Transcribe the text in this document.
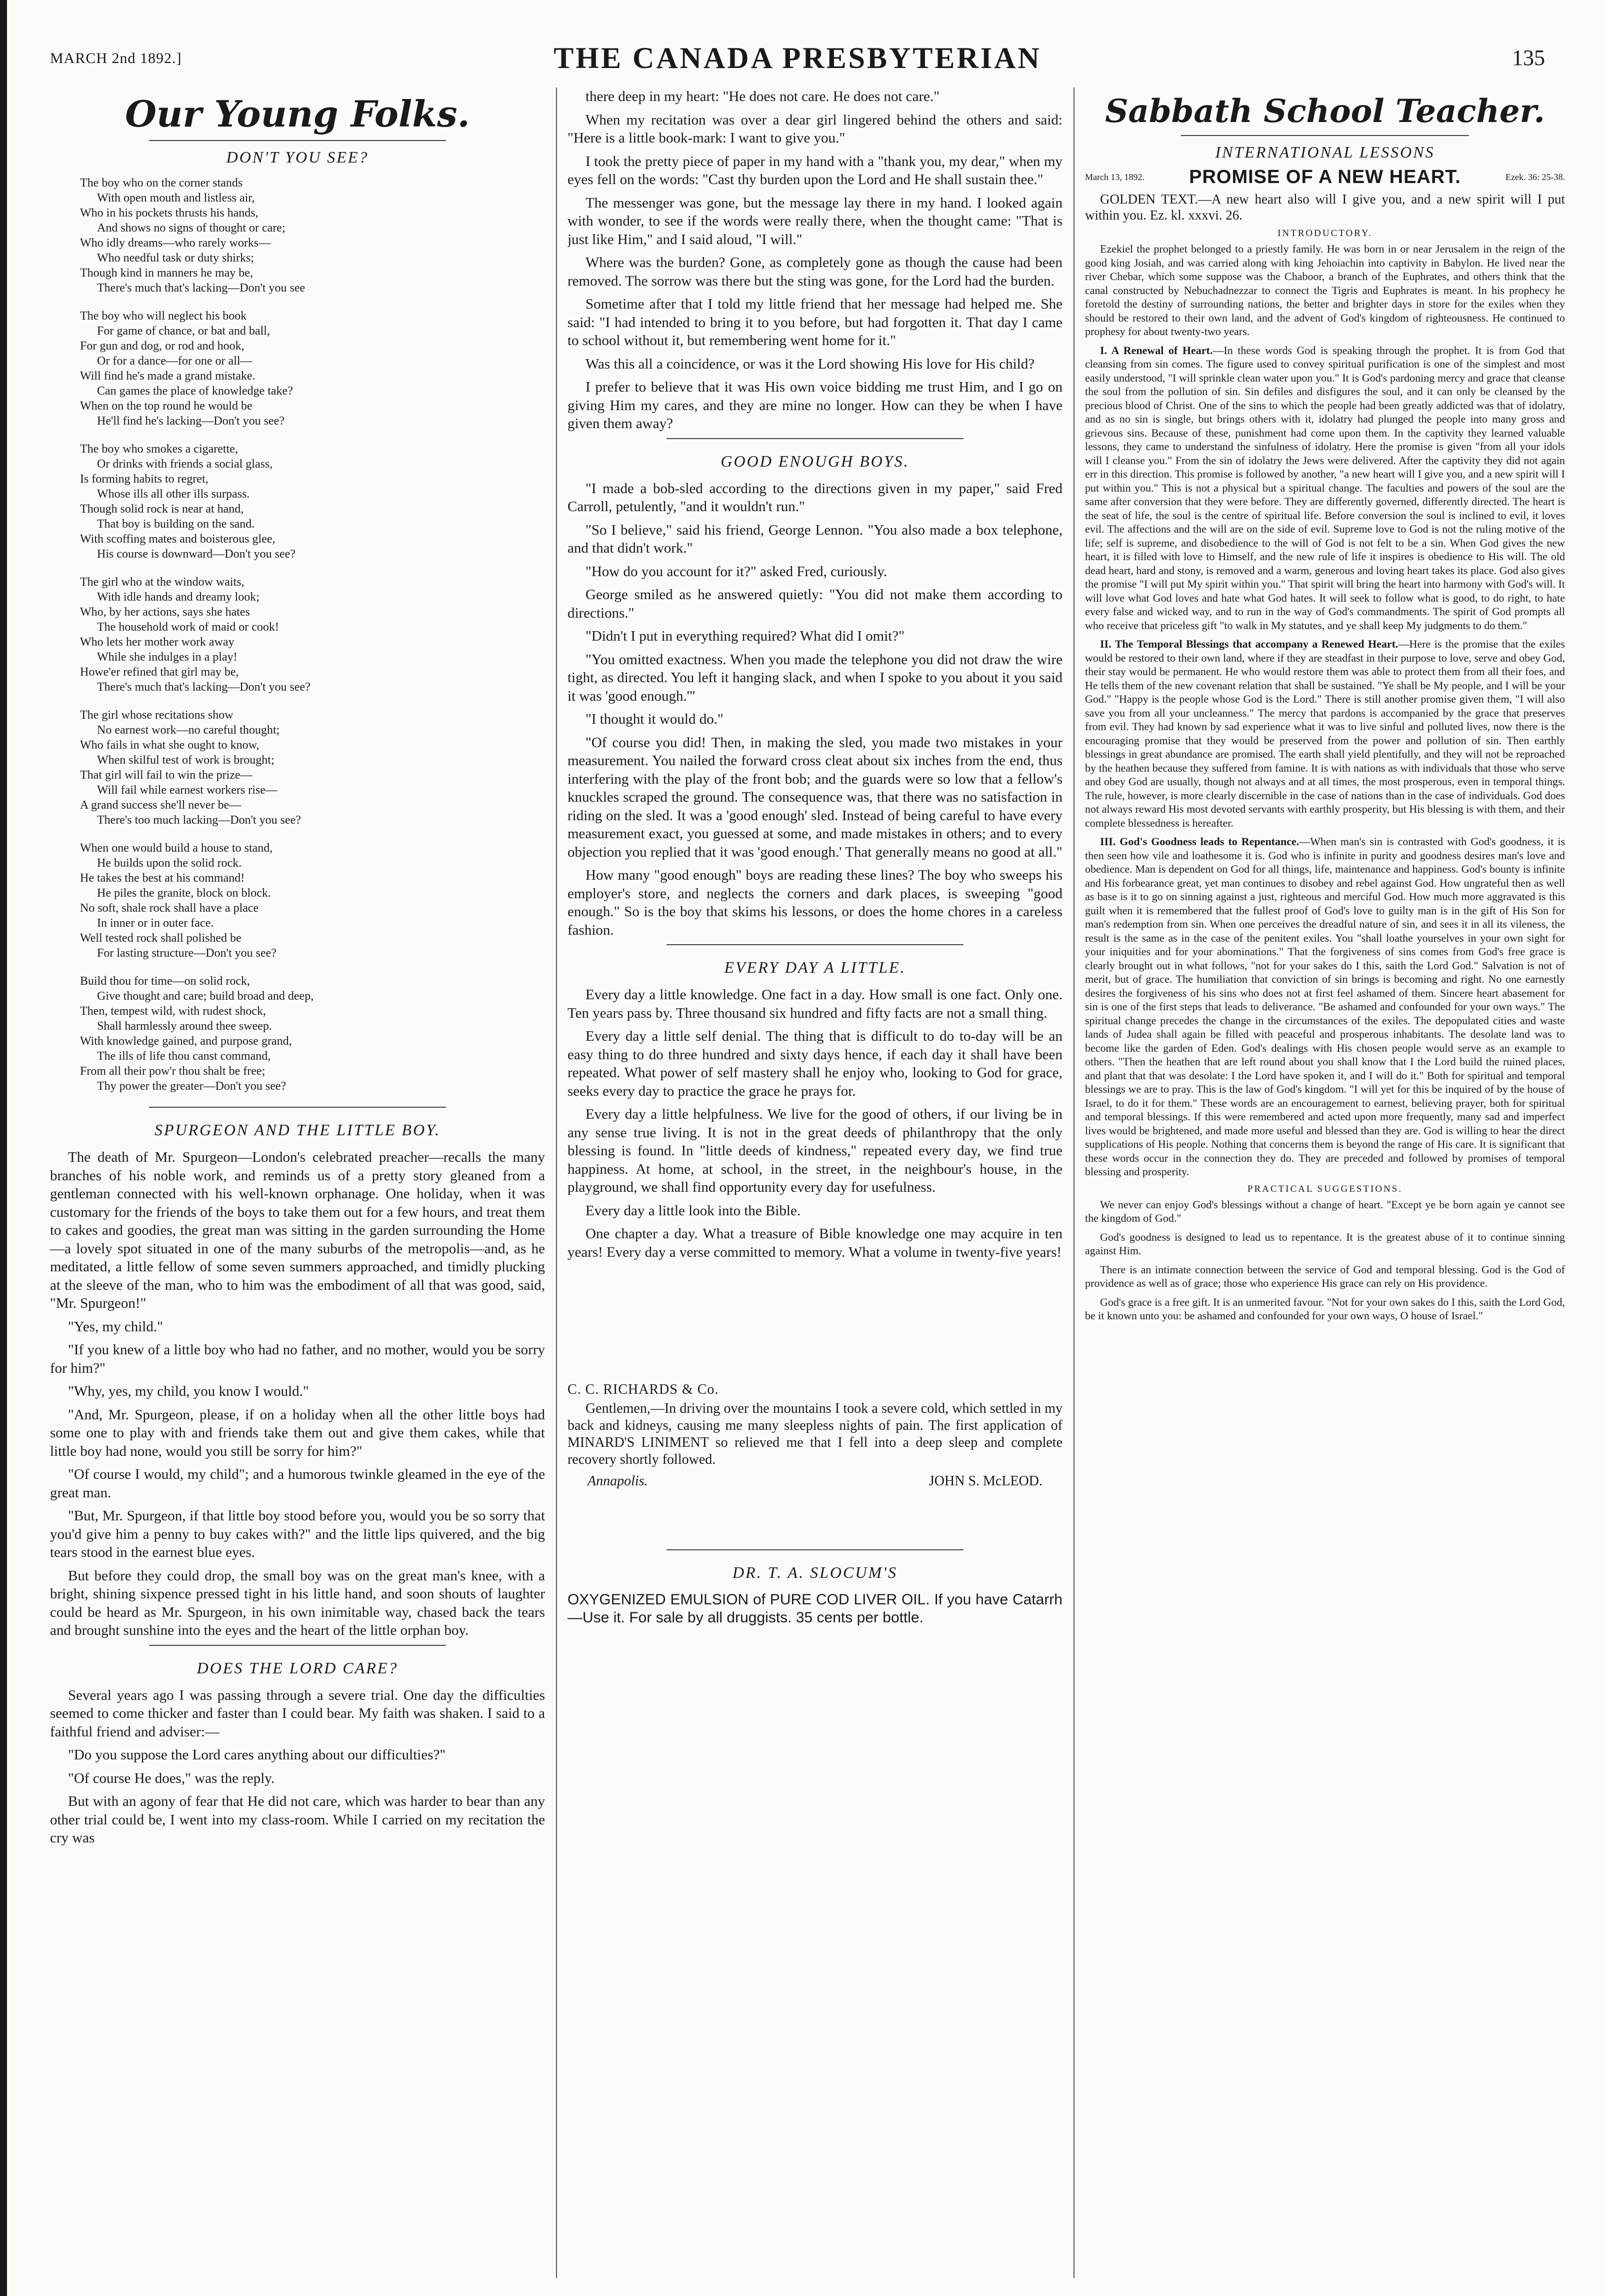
MARCH 2nd 1892.]	THE CANADA PRESBYTERIAN	135
Our Young Folks.
DON'T YOU SEE?
The boy who on the corner stands
With open mouth and listless air,
Who in his pockets thrusts his hands,
And shows no signs of thought or care;
Who idly dreams—who rarely works—
Who needful task or duty shirks;
Though kind in manners he may be,
There's much that's lacking—Don't you see
The boy who will neglect his book
For game of chance, or bat and ball,
For gun and dog, or rod and hook,
Or for a dance—for one or all—
Will find he's made a grand mistake.
Can games the place of knowledge take?
When on the top round he would be
He'll find he's lacking—Don't you see?
The boy who smokes a cigarette,
Or drinks with friends a social glass,
Is forming habits to regret,
Whose ills all other ills surpass.
Though solid rock is near at hand,
That boy is building on the sand.
With scoffing mates and boisterous glee,
His course is downward—Don't you see?
The girl who at the window waits,
With idle hands and dreamy look;
Who, by her actions, says she hates
The household work of maid or cook!
Who lets her mother work away
While she indulges in a play!
Howe'er refined that girl may be,
There's much that's lacking—Don't you see?
The girl whose recitations show
No earnest work—no careful thought;
Who fails in what she ought to know,
When skilful test of work is brought;
That girl will fail to win the prize—
Will fail while earnest workers rise—
A grand success she'll never be—
There's too much lacking—Don't you see?
When one would build a house to stand,
He builds upon the solid rock.
He takes the best at his command!
He piles the granite, block on block.
No soft, shale rock shall have a place
In inner or in outer face.
Well tested rock shall polished be
For lasting structure—Don't you see?
Build thou for time—on solid rock,
Give thought and care; build broad and deep,
Then, tempest wild, with rudest shock,
Shall harmlessly around thee sweep.
With knowledge gained, and purpose grand,
The ills of life thou canst command,
From all their pow'r thou shalt be free;
Thy power the greater—Don't you see?
SPURGEON AND THE LITTLE BOY.

The death of Mr. Spurgeon—London's celebrated preacher—recalls the many branches of his noble work, and reminds us of a pretty story gleaned from a gentleman connected with his well-known orphanage. One holiday, when it was customary for the friends of the boys to take them out for a few hours, and treat them to cakes and goodies, the great man was sitting in the garden surrounding the Home—a lovely spot situated in one of the many suburbs of the metropolis—and, as he meditated, a little fellow of some seven summers approached, and timidly plucking at the sleeve of the man, who to him was the embodiment of all that was good, said, "Mr. Spurgeon!"

"Yes, my child."

"If you knew of a little boy who had no father, and no mother, would you be sorry for him?"

"Why, yes, my child, you know I would."

"And, Mr. Spurgeon, please, if on a holiday when all the other little boys had some one to play with and friends take them out and give them cakes, while that little boy had none, would you still be sorry for him?"

"Of course I would, my child"; and a humorous twinkle gleamed in the eye of the great man.

"But, Mr. Spurgeon, if that little boy stood before you, would you be so sorry that you'd give him a penny to buy cakes with?" and the little lips quivered, and the big tears stood in the earnest blue eyes.

But before they could drop, the small boy was on the great man's knee, with a bright, shining sixpence pressed tight in his little hand, and soon shouts of laughter could be heard as Mr. Spurgeon, in his own inimitable way, chased back the tears and brought sunshine into the eyes and the heart of the little orphan boy.

DOES THE LORD CARE?

Several years ago I was passing through a severe trial. One day the difficulties seemed to come thicker and faster than I could bear. My faith was shaken. I said to a faithful friend and adviser:—

"Do you suppose the Lord cares anything about our difficulties?"

"Of course He does," was the reply.

But with an agony of fear that He did not care, which was harder to bear than any other trial could be, I went into my class-room. While I carried on my recitation the cry was

there deep in my heart: "He does not care. He does not care."

When my recitation was over a dear girl lingered behind the others and said: "Here is a little book-mark: I want to give you."

I took the pretty piece of paper in my hand with a "thank you, my dear," when my eyes fell on the words: "Cast thy burden upon the Lord and He shall sustain thee."

The messenger was gone, but the message lay there in my hand. I looked again with wonder, to see if the words were really there, when the thought came: "That is just like Him," and I said aloud, "I will."

Where was the burden? Gone, as completely gone as though the cause had been removed. The sorrow was there but the sting was gone, for the Lord had the burden.

Sometime after that I told my little friend that her message had helped me. She said: "I had intended to bring it to you before, but had forgotten it. That day I came to school without it, but remembering went home for it."

Was this all a coincidence, or was it the Lord showing His love for His child?

I prefer to believe that it was His own voice bidding me trust Him, and I go on giving Him my cares, and they are mine no longer. How can they be when I have given them away?

GOOD ENOUGH BOYS.

"I made a bob-sled according to the directions given in my paper," said Fred Carroll, petulently, "and it wouldn't run."

"So I believe," said his friend, George Lennon. "You also made a box telephone, and that didn't work."

"How do you account for it?" asked Fred, curiously.

George smiled as he answered quietly: "You did not make them according to directions."

"Didn't I put in everything required? What did I omit?"

"You omitted exactness. When you made the telephone you did not draw the wire tight, as directed. You left it hanging slack, and when I spoke to you about it you said it was 'good enough.'"

"I thought it would do."

"Of course you did! Then, in making the sled, you made two mistakes in your measurement. You nailed the forward cross cleat about six inches from the end, thus interfering with the play of the front bob; and the guards were so low that a fellow's knuckles scraped the ground. The consequence was, that there was no satisfaction in riding on the sled. It was a 'good enough' sled. Instead of being careful to have every measurement exact, you guessed at some, and made mistakes in others; and to every objection you replied that it was 'good enough.' That generally means no good at all."

How many "good enough" boys are reading these lines? The boy who sweeps his employer's store, and neglects the corners and dark places, is sweeping "good enough." So is the boy that skims his lessons, or does the home chores in a careless fashion.

EVERY DAY A LITTLE.

Every day a little knowledge. One fact in a day. How small is one fact. Only one. Ten years pass by. Three thousand six hundred and fifty facts are not a small thing.

Every day a little self denial. The thing that is difficult to do to-day will be an easy thing to do three hundred and sixty days hence, if each day it shall have been repeated. What power of self mastery shall he enjoy who, looking to God for grace, seeks every day to practice the grace he prays for.

Every day a little helpfulness. We live for the good of others, if our living be in any sense true living. It is not in the great deeds of philanthropy that the only blessing is found. In "little deeds of kindness," repeated every day, we find true happiness. At home, at school, in the street, in the neighbour's house, in the playground, we shall find opportunity every day for usefulness.

Every day a little look into the Bible.

One chapter a day. What a treasure of Bible knowledge one may acquire in ten years! Every day a verse committed to memory. What a volume in twenty-five years!

C. C. RICHARDS & Co.

Gentlemen,—In driving over the mountains I took a severe cold, which settled in my back and kidneys, causing me many sleepless nights of pain. The first application of MINARD'S LINIMENT so relieved me that I fell into a deep sleep and complete recovery shortly followed.

Annapolis.	JOHN S. McLEOD.
DR. T. A. SLOCUM'S

OXYGENIZED EMULSION of PURE COD LIVER OIL. If you have Catarrh—Use it. For sale by all druggists. 35 cents per bottle.

Sabbath School Teacher.
INTERNATIONAL LESSONS
March 13, 1892. PROMISE OF A NEW HEART.	Ezek. 36: 25-38.

GOLDEN TEXT.—A new heart also will I give you, and a new spirit will I put within you. Ez. kl. xxxvi. 26.

INTRODUCTORY.

Ezekiel the prophet belonged to a priestly family. He was born in or near Jerusalem in the reign of the good king Josiah, and was carried along with king Jehoiachin into captivity in Babylon. He lived near the river Chebar, which some suppose was the Chaboor, a branch of the Euphrates, and others think that the canal constructed by Nebuchadnezzar to connect the Tigris and Euphrates is meant. In his prophecy he foretold the destiny of surrounding nations, the better and brighter days in store for the exiles when they should be restored to their own land, and the advent of God's kingdom of righteousness. He continued to prophesy for about twenty-two years.

I. A Renewal of Heart.—In these words God is speaking through the prophet. It is from God that cleansing from sin comes. The figure used to convey spiritual purification is one of the simplest and most easily understood, "I will sprinkle clean water upon you." It is God's pardoning mercy and grace that cleanse the soul from the pollution of sin. Sin defiles and disfigures the soul, and it can only be cleansed by the precious blood of Christ. One of the sins to which the people had been greatly addicted was that of idolatry, and as no sin is single, but brings others with it, idolatry had plunged the people into many gross and grievous sins. Because of these, punishment had come upon them. In the captivity they learned valuable lessons, they came to understand the sinfulness of idolatry. Here the promise is given "from all your idols will I cleanse you." From the sin of idolatry the Jews were delivered. After the captivity they did not again err in this direction. This promise is followed by another, "a new heart will I give you, and a new spirit will I put within you." This is not a physical but a spiritual change. The faculties and powers of the soul are the same after conversion that they were before. They are differently governed, differently directed. The heart is the seat of life, the soul is the centre of spiritual life. Before conversion the soul is inclined to evil, it loves evil. The affections and the will are on the side of evil. Supreme love to God is not the ruling motive of the life; self is supreme, and disobedience to the will of God is not felt to be a sin. When God gives the new heart, it is filled with love to Himself, and the new rule of life it inspires is obedience to His will. The old dead heart, hard and stony, is removed and a warm, generous and loving heart takes its place. God also gives the promise "I will put My spirit within you." That spirit will bring the heart into harmony with God's will. It will love what God loves and hate what God hates. It will seek to follow what is good, to do right, to hate every false and wicked way, and to run in the way of God's commandments. The spirit of God prompts all who receive that priceless gift "to walk in My statutes, and ye shall keep My judgments to do them."

II. The Temporal Blessings that accompany a Renewed Heart.—Here is the promise that the exiles would be restored to their own land, where if they are steadfast in their purpose to love, serve and obey God, their stay would be permanent. He who would restore them was able to protect them from all their foes, and He tells them of the new covenant relation that shall be sustained. "Ye shall be My people, and I will be your God." "Happy is the people whose God is the Lord." There is still another promise given them, "I will also save you from all your uncleanness." The mercy that pardons is accompanied by the grace that preserves from evil. They had known by sad experience what it was to live sinful and polluted lives, now there is the encouraging promise that they would be preserved from the power and pollution of sin. Then earthly blessings in great abundance are promised. The earth shall yield plentifully, and they will not be reproached by the heathen because they suffered from famine. It is with nations as with individuals that those who serve and obey God are usually, though not always and at all times, the most prosperous, even in temporal things. The rule, however, is more clearly discernible in the case of nations than in the case of individuals. God does not always reward His most devoted servants with earthly prosperity, but His blessing is with them, and their complete blessedness is hereafter.

III. God's Goodness leads to Repentance.—When man's sin is contrasted with God's goodness, it is then seen how vile and loathesome it is. God who is infinite in purity and goodness desires man's love and obedience. Man is dependent on God for all things, life, maintenance and happiness. God's bounty is infinite and His forbearance great, yet man continues to disobey and rebel against God. How ungrateful then as well as base is it to go on sinning against a just, righteous and merciful God. How much more aggravated is this guilt when it is remembered that the fullest proof of God's love to guilty man is in the gift of His Son for man's redemption from sin. When one perceives the dreadful nature of sin, and sees it in all its vileness, the result is the same as in the case of the penitent exiles. You "shall loathe yourselves in your own sight for your iniquities and for your abominations." That the forgiveness of sins comes from God's free grace is clearly brought out in what follows, "not for your sakes do I this, saith the Lord God." Salvation is not of merit, but of grace. The humiliation that conviction of sin brings is becoming and right. No one earnestly desires the forgiveness of his sins who does not at first feel ashamed of them. Sincere heart abasement for sin is one of the first steps that leads to deliverance. "Be ashamed and confounded for your own ways." The spiritual change precedes the change in the circumstances of the exiles. The depopulated cities and waste lands of Judea shall again be filled with peaceful and prosperous inhabitants. The desolate land was to become like the garden of Eden. God's dealings with His chosen people would serve as an example to others. "Then the heathen that are left round about you shall know that I the Lord build the ruined places, and plant that that was desolate: I the Lord have spoken it, and I will do it." Both for spiritual and temporal blessings we are to pray. This is the law of God's kingdom. "I will yet for this be inquired of by the house of Israel, to do it for them." These words are an encouragement to earnest, believing prayer, both for spiritual and temporal blessings. If this were remembered and acted upon more frequently, many sad and imperfect lives would be brightened, and made more useful and blessed than they are. God is willing to hear the direct supplications of His people. Nothing that concerns them is beyond the range of His care. It is significant that these words occur in the connection they do. They are preceded and followed by promises of temporal blessing and prosperity.

PRACTICAL SUGGESTIONS.

We never can enjoy God's blessings without a change of heart. "Except ye be born again ye cannot see the kingdom of God."

God's goodness is designed to lead us to repentance. It is the greatest abuse of it to continue sinning against Him.

There is an intimate connection between the service of God and temporal blessing. God is the God of providence as well as of grace; those who experience His grace can rely on His providence.

God's grace is a free gift. It is an unmerited favour. "Not for your own sakes do I this, saith the Lord God, be it known unto you: be ashamed and confounded for your own ways, O house of Israel."
